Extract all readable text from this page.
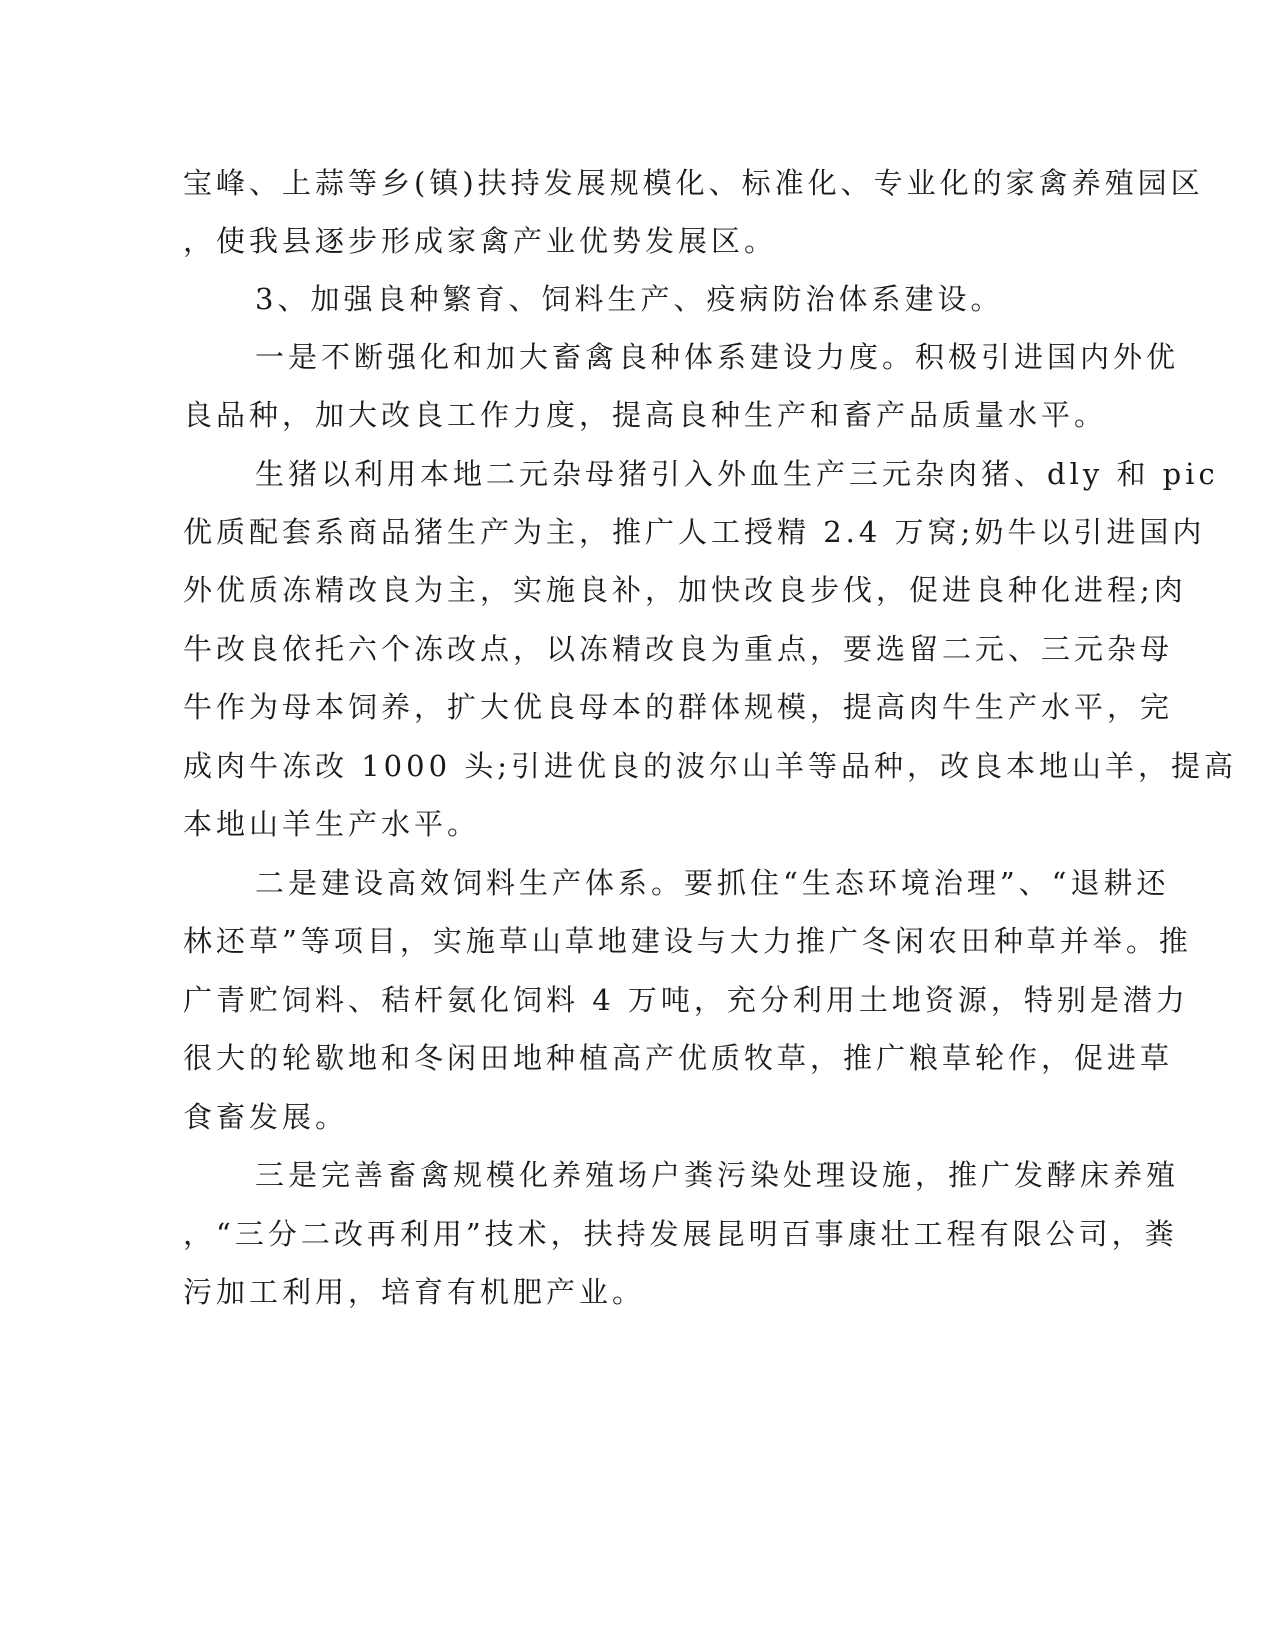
宝峰、上蒜等乡(镇)扶持发展规模化、标准化、专业化的家禽养殖园区
，使我县逐步形成家禽产业优势发展区。
3、加强良种繁育、饲料生产、疫病防治体系建设。
一是不断强化和加大畜禽良种体系建设力度。积极引进国内外优
良品种，加大改良工作力度，提高良种生产和畜产品质量水平。
生猪以利用本地二元杂母猪引入外血生产三元杂肉猪、dly 和 pic
优质配套系商品猪生产为主，推广人工授精 2.4 万窝;奶牛以引进国内
外优质冻精改良为主，实施良补，加快改良步伐，促进良种化进程;肉
牛改良依托六个冻改点，以冻精改良为重点，要选留二元、三元杂母
牛作为母本饲养，扩大优良母本的群体规模，提高肉牛生产水平，完
成肉牛冻改 1000 头;引进优良的波尔山羊等品种，改良本地山羊，提高
本地山羊生产水平。
二是建设高效饲料生产体系。要抓住“生态环境治理”、“退耕还
林还草”等项目，实施草山草地建设与大力推广冬闲农田种草并举。推
广青贮饲料、秸杆氨化饲料 4 万吨，充分利用土地资源，特别是潜力
很大的轮歇地和冬闲田地种植高产优质牧草，推广粮草轮作，促进草
食畜发展。
三是完善畜禽规模化养殖场户粪污染处理设施，推广发酵床养殖
，“三分二改再利用”技术，扶持发展昆明百事康壮工程有限公司，粪
污加工利用，培育有机肥产业。
